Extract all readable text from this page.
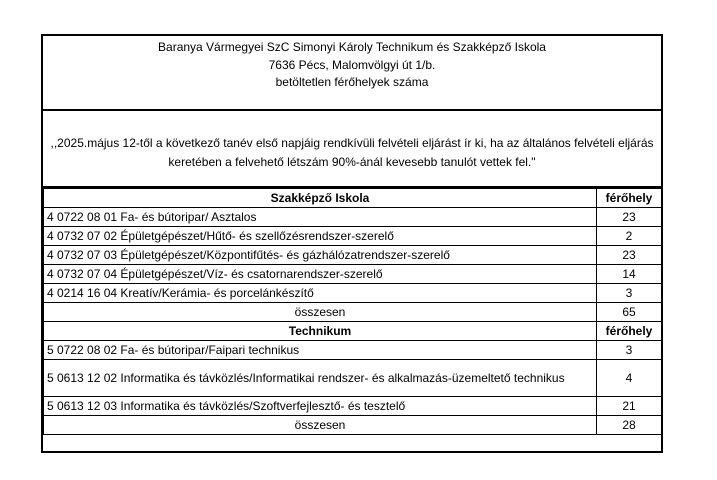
Baranya Vármegyei SzC Simonyi Károly Technikum és Szakképző Iskola
7636 Pécs, Malomvölgyi út 1/b.
betöltetlen férőhelyek száma
,,2025.május 12-től a következő tanév első napjáig rendkívüli felvételi eljárást ír ki, ha az általános felvételi eljárás keretében a felvehető létszám 90%-ánál kevesebb tanulót vettek fel."
Szakképző Iskola	férőhely
4 0722 08 01 Fa- és bútoripar/ Asztalos	23
4 0732 07 02 Épületgépészet/Hűtő- és szellőzésrendszer-szerelő	2
4 0732 07 03 Épületgépészet/Központifűtés- és gázhálózatrendszer-szerelő	23
4 0732 07 04 Épületgépészet/Víz- és csatornarendszer-szerelő	14
4 0214 16 04 Kreatív/Kerámia- és porcelánkészítő	3
összesen	65
Technikum	férőhely
5 0722 08 02 Fa- és bútoripar/Faipari technikus	3
5 0613 12 02 Informatika és távközlés/Informatikai rendszer- és alkalmazás-üzemeltető technikus	4
5 0613 12 03 Informatika és távközlés/Szoftverfejlesztő- és tesztelő	21
összesen	28
